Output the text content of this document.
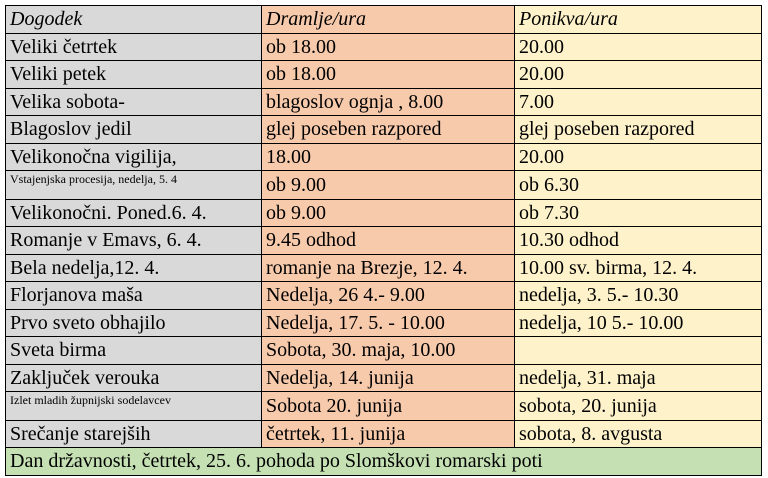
Dogodek	Dramlje/ura	Ponikva/ura
Veliki četrtek	ob 18.00	20.00
Veliki petek	ob 18.00	20.00
Velika sobota-	blagoslov ognja , 8.00	7.00
Blagoslov jedil	glej poseben razpored	glej poseben razpored
Velikonočna vigilija,	18.00	20.00
Vstajenjska procesija, nedelja, 5. 4	ob 9.00	ob 6.30
Velikonočni. Poned.6. 4.	ob 9.00	ob 7.30
Romanje v Emavs, 6. 4.	9.45 odhod	10.30 odhod
Bela nedelja,12. 4.	romanje na Brezje, 12. 4.	10.00 sv. birma, 12. 4.
Florjanova maša	Nedelja, 26 4.- 9.00	nedelja, 3. 5.- 10.30
Prvo sveto obhajilo	Nedelja, 17. 5. - 10.00	nedelja, 10 5.- 10.00
Sveta birma	Sobota, 30. maja, 10.00	
Zaključek verouka	Nedelja, 14. junija	nedelja, 31. maja
Izlet mladih župnijski sodelavcev	Sobota 20. junija	sobota, 20. junija
Srečanje starejših	četrtek, 11. junija	sobota, 8. avgusta
Dan državnosti, četrtek, 25. 6. pohoda po Slomškovi romarski poti		
